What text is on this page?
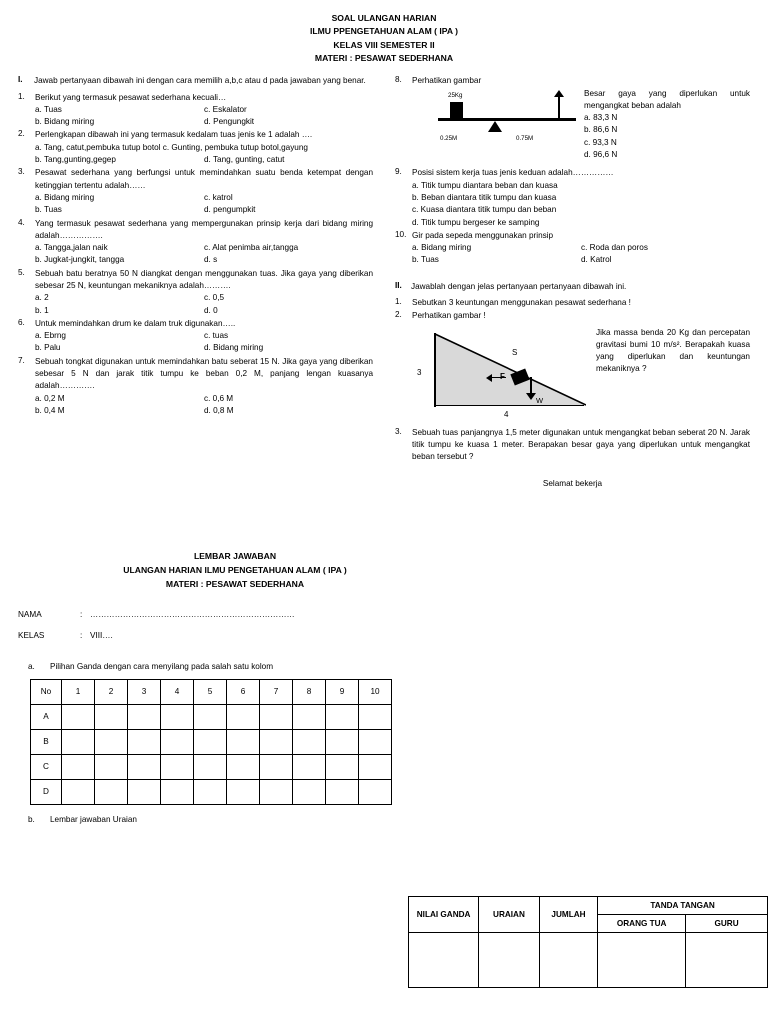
SOAL ULANGAN HARIAN
ILMU PPENGETAHUAN ALAM ( IPA )
KELAS VIII SEMESTER II
MATERI : PESAWAT SEDERHANA
I.	Jawab pertanyaan dibawah ini dengan cara memilih a,b,c atau d pada jawaban yang benar.
1.	Berikut yang termasuk pesawat sederhana kecuali…
a. Tuas	c. Eskalator
b. Bidang miring	d. Pengungkit
2.	Perlengkapan dibawah ini yang termasuk kedalam tuas jenis ke 1 adalah ….
a. Tang, catut,pembuka tutup botol c. Gunting, pembuka tutup botol,gayung
b. Tang,gunting,gegep	d. Tang, gunting, catut
3.	Pesawat sederhana yang berfungsi untuk memindahkan suatu benda ketempat dengan ketinggian tertentu adalah……
a. Bidang miring	c. katrol
b. Tuas	d. pengumpkit
4.	Yang termasuk pesawat sederhana yang mempergunakan prinsip kerja dari bidang miring adalah…………….
a. Tangga,jalan naik	c. Alat penimba air,tangga
b. Jugkat-jungkit, tangga	d. s
5.	Sebuah batu beratnya 50 N diangkat dengan menggunakan tuas. Jika gaya yang diberikan sebesar 25 N, keuntungan mekaniknya adalah……….
a. 2	c. 0,5
b. 1	d. 0
6.	Untuk memindahkan drum ke dalam truk digunakan…..
a. Ebrng	c. tuas
b. Palu	d. Bidang miring
7.	Sebuah tongkat digunakan untuk memindahkan batu seberat 15 N. Jika gaya yang diberikan sebesar 5 N dan jarak titik tumpu ke beban 0,2 M, panjang lengan kuasanya adalah………….
a. 0,2 M	c. 0,6 M
b. 0,4 M	d. 0,8 M
8.	Perhatikan gambar
25Kg
0.25M	0.75M
Besar gaya yang diperlukan untuk mengangkat beban adalah
a. 83,3 N
b. 86,6 N
c. 93,3 N
d. 96,6 N
9.	Posisi sistem kerja tuas jenis keduan adalah……………
a. Titik tumpu diantara beban dan kuasa
b. Beban diantara titik tumpu dan kuasa
c. Kuasa diantara titik tumpu dan beban
d. Titik tumpu bergeser ke samping
10. Gir pada sepeda menggunakan prinsip
a. Bidang miring	c. Roda dan poros
b. Tuas	d. Katrol
II.	Jawablah dengan jelas pertanyaan pertanyaan dibawah ini.
1.	Sebutkan 3 keuntungan menggunakan pesawat sederhana !
2.	Perhatikan gambar !
S
W
3
4
Jika massa benda 20 Kg dan percepatan gravitasi bumi 10 m/s². Berapakah kuasa yang diperlukan dan keuntungan mekaniknya ?
3.	Sebuah tuas panjangnya 1,5 meter digunakan untuk mengangkat beban seberat 20 N. Jarak titik tumpu ke kuasa 1 meter. Berapakan besar gaya yang diperlukan untuk mengangkat beban tersebut ?
Selamat bekerja
LEMBAR JAWABAN
ULANGAN HARIAN ILMU PENGETAHUAN ALAM ( IPA )
MATERI : PESAWAT SEDERHANA
NAMA	: …………………………………………………………………
KELAS	: VIII….
a.	Pilihan Ganda dengan cara menyilang pada salah satu kolom
No	1	2	3	4	5	6	7	8	9	10
A										
B										
C										
D										
b.	Lembar jawaban Uraian
NILAI GANDA	URAIAN	JUMLAH	TANDA TANGAN	
			ORANG TUA	GURU
